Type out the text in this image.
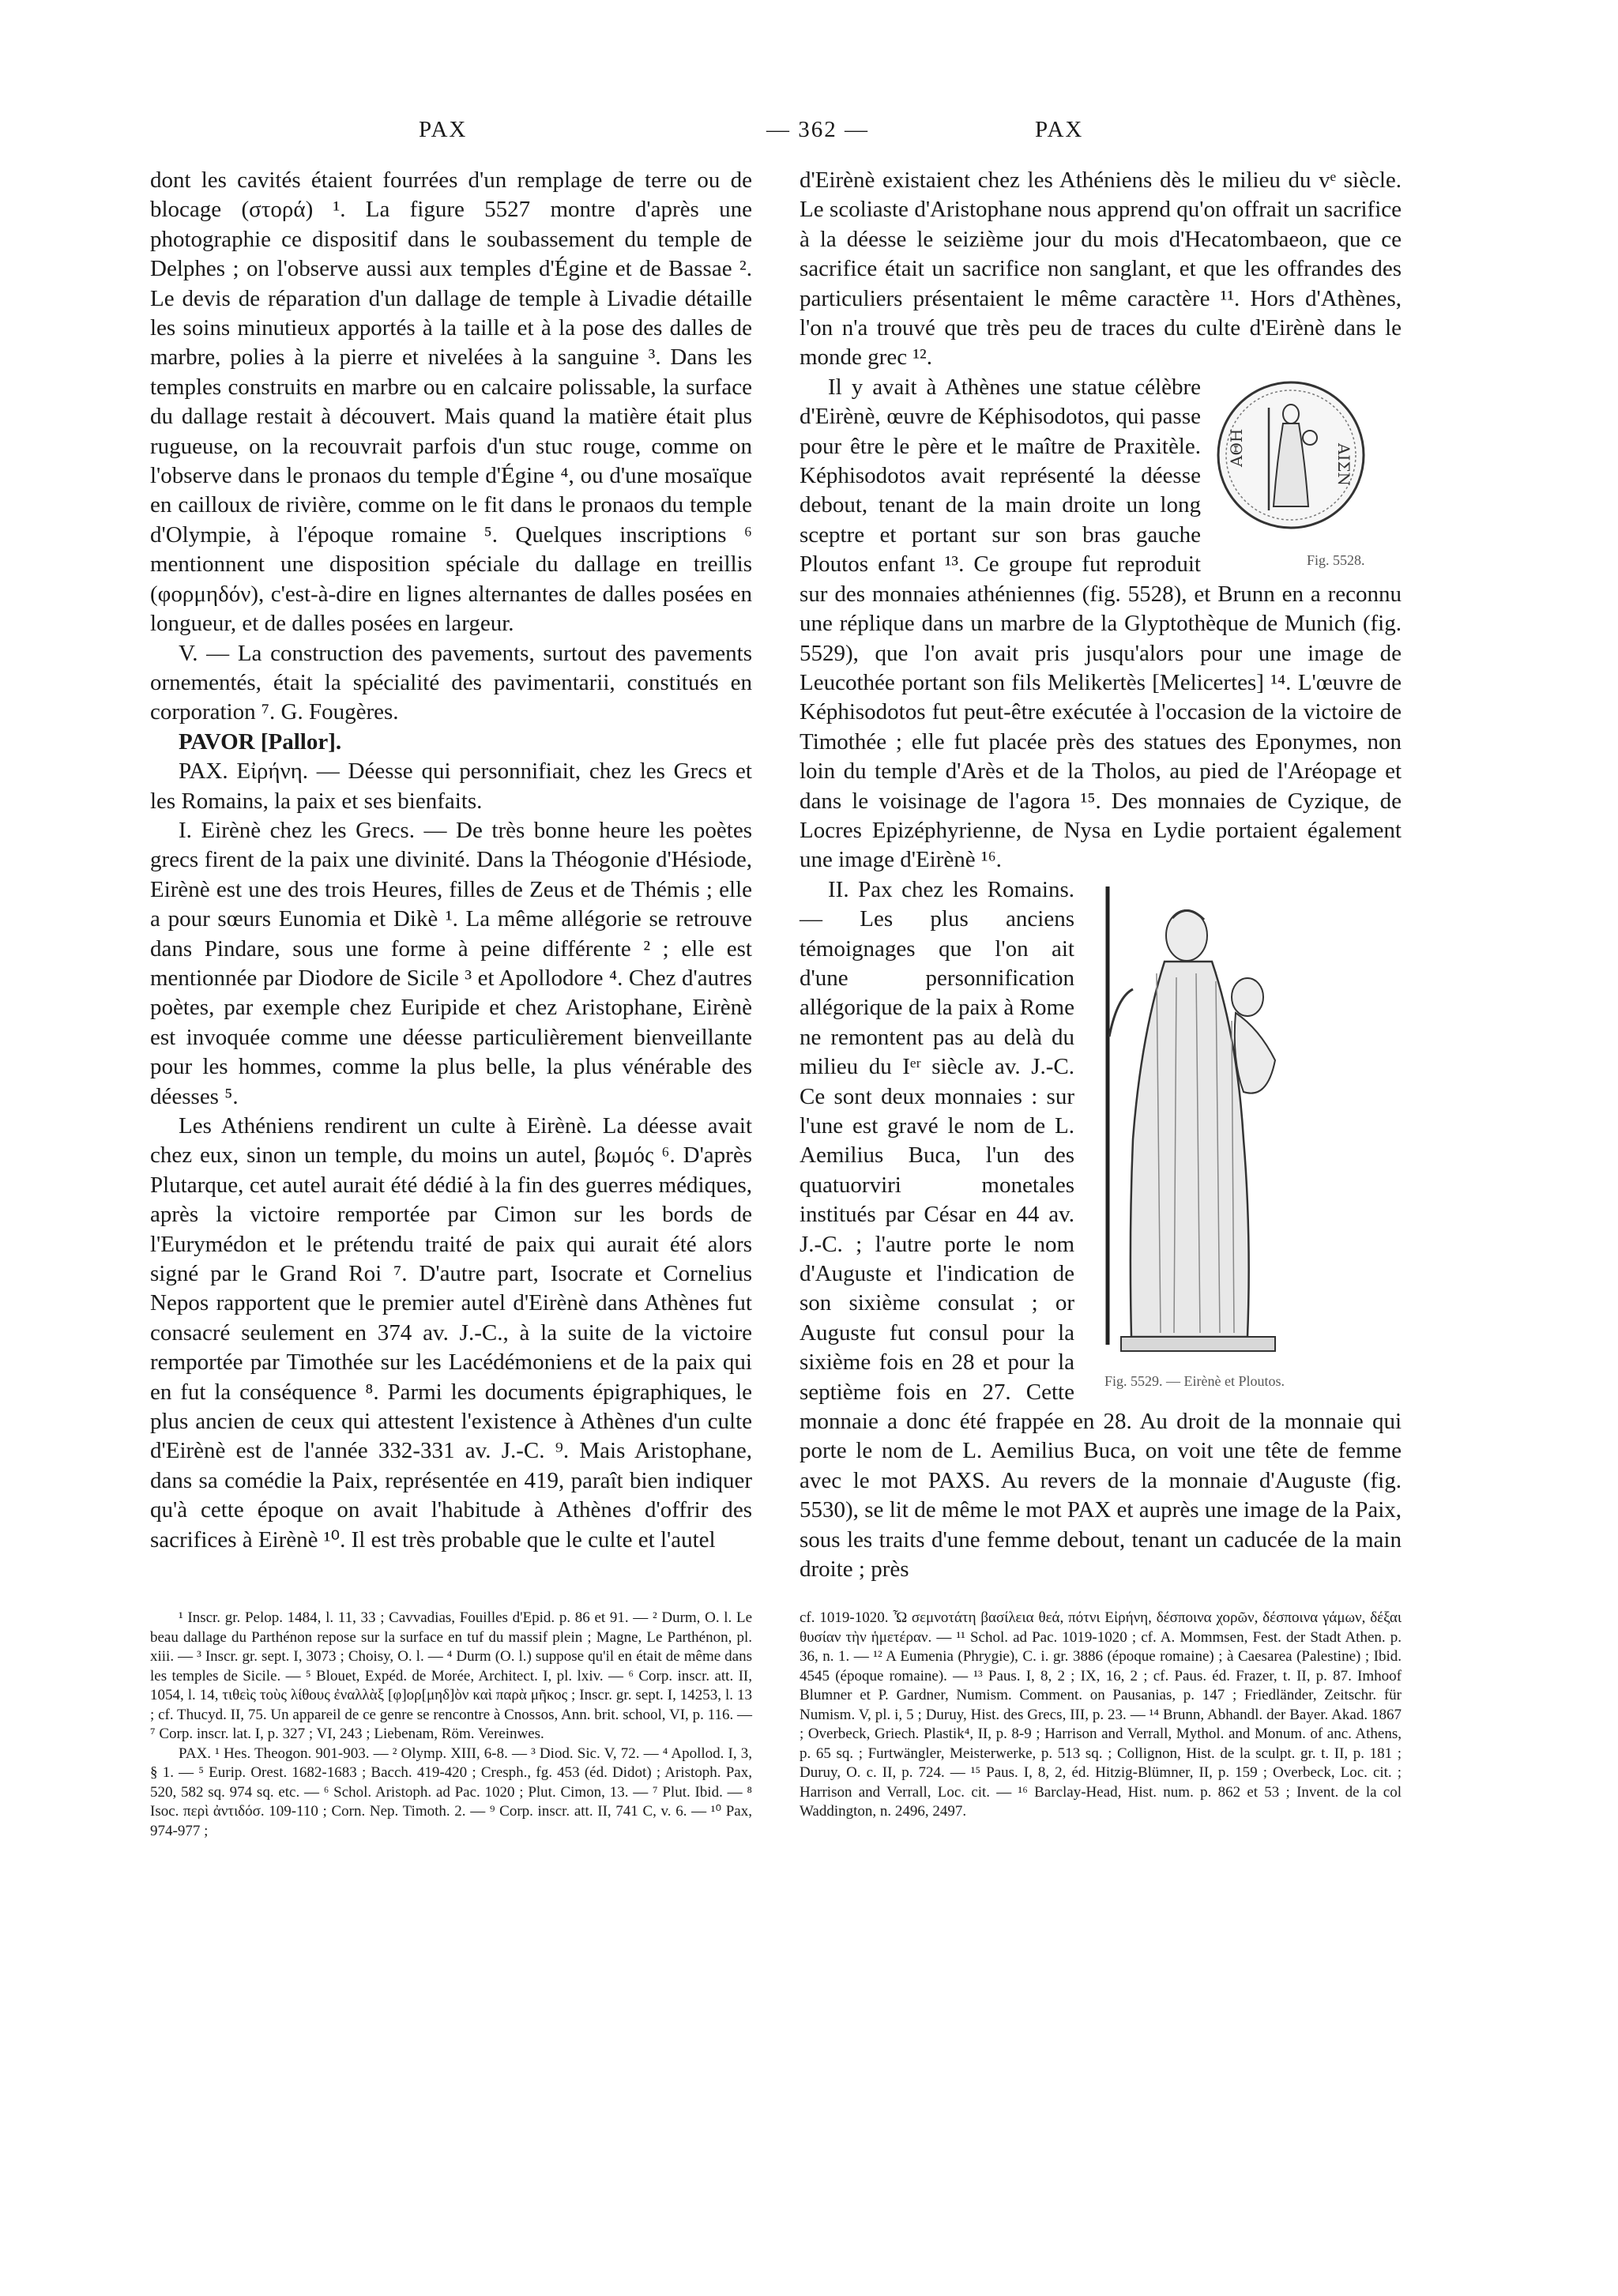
PAX	— 362 —	PAX

dont les cavités étaient fourrées d'un remplage de terre ou de blocage (στορά) ¹. La figure 5527 montre d'après une photographie ce dispositif dans le soubassement du temple de Delphes ; on l'observe aussi aux temples d'Égine et de Bassae ². Le devis de réparation d'un dallage de temple à Livadie détaille les soins minutieux apportés à la taille et à la pose des dalles de marbre, polies à la pierre et nivelées à la sanguine ³. Dans les temples construits en marbre ou en calcaire polissable, la surface du dallage restait à découvert. Mais quand la matière était plus rugueuse, on la recouvrait parfois d'un stuc rouge, comme on l'observe dans le pronaos du temple d'Égine ⁴, ou d'une mosaïque en cailloux de rivière, comme on le fit dans le pronaos du temple d'Olympie, à l'époque romaine ⁵. Quelques inscriptions ⁶ mentionnent une disposition spéciale du dallage en treillis (φορμηδόν), c'est-à-dire en lignes alternantes de dalles posées en longueur, et de dalles posées en largeur.

V. — La construction des pavements, surtout des pavements ornementés, était la spécialité des pavimentarii, constitués en corporation ⁷. G. Fougères.

PAVOR [Pallor].

PAX. Εἰρήνη. — Déesse qui personnifiait, chez les Grecs et les Romains, la paix et ses bienfaits.

I. Eirènè chez les Grecs. — De très bonne heure les poètes grecs firent de la paix une divinité. Dans la Théogonie d'Hésiode, Eirènè est une des trois Heures, filles de Zeus et de Thémis ; elle a pour sœurs Eunomia et Dikè ¹. La même allégorie se retrouve dans Pindare, sous une forme à peine différente ² ; elle est mentionnée par Diodore de Sicile ³ et Apollodore ⁴. Chez d'autres poètes, par exemple chez Euripide et chez Aristophane, Eirènè est invoquée comme une déesse particulièrement bienveillante pour les hommes, comme la plus belle, la plus vénérable des déesses ⁵.

Les Athéniens rendirent un culte à Eirènè. La déesse avait chez eux, sinon un temple, du moins un autel, βωμός ⁶. D'après Plutarque, cet autel aurait été dédié à la fin des guerres médiques, après la victoire remportée par Cimon sur les bords de l'Eurymédon et le prétendu traité de paix qui aurait été alors signé par le Grand Roi ⁷. D'autre part, Isocrate et Cornelius Nepos rapportent que le premier autel d'Eirènè dans Athènes fut consacré seulement en 374 av. J.-C., à la suite de la victoire remportée par Timothée sur les Lacédémoniens et de la paix qui en fut la conséquence ⁸. Parmi les documents épigraphiques, le plus ancien de ceux qui attestent l'existence à Athènes d'un culte d'Eirènè est de l'année 332-331 av. J.-C. ⁹. Mais Aristophane, dans sa comédie la Paix, représentée en 419, paraît bien indiquer qu'à cette époque on avait l'habitude à Athènes d'offrir des sacrifices à Eirènè ¹⁰. Il est très probable que le culte et l'autel

d'Eirènè existaient chez les Athéniens dès le milieu du vᵉ siècle. Le scoliaste d'Aristophane nous apprend qu'on offrait un sacrifice à la déesse le seizième jour du mois d'Hecatombaeon, que ce sacrifice était un sacrifice non sanglant, et que les offrandes des particuliers présentaient le même caractère ¹¹. Hors d'Athènes, l'on n'a trouvé que très peu de traces du culte d'Eirènè dans le monde grec ¹².

ΑΘΗ	ΑΙΣΝ
Fig. 5528.

Il y avait à Athènes une statue célèbre d'Eirènè, œuvre de Képhisodotos, qui passe pour être le père et le maître de Praxitèle. Képhisodotos avait représenté la déesse debout, tenant de la main droite un long sceptre et portant sur son bras gauche Ploutos enfant ¹³. Ce groupe fut reproduit sur des monnaies athéniennes (fig. 5528), et Brunn en a reconnu une réplique dans un marbre de la Glyptothèque de Munich (fig. 5529), que l'on avait pris jusqu'alors pour une image de Leucothée portant son fils Melikertès [Melicertes] ¹⁴. L'œuvre de Képhisodotos fut peut-être exécutée à l'occasion de la victoire de Timothée ; elle fut placée près des statues des Eponymes, non loin du temple d'Arès et de la Tholos, au pied de l'Aréopage et dans le voisinage de l'agora ¹⁵. Des monnaies de Cyzique, de Locres Epizéphyrienne, de Nysa en Lydie portaient également une image d'Eirènè ¹⁶.

Fig. 5529. — Eirènè et Ploutos.

II. Pax chez les Romains. — Les plus anciens témoignages que l'on ait d'une personnification allégorique de la paix à Rome ne remontent pas au delà du milieu du Iᵉʳ siècle av. J.-C. Ce sont deux monnaies : sur l'une est gravé le nom de L. Aemilius Buca, l'un des quatuorviri monetales institués par César en 44 av. J.-C. ; l'autre porte le nom d'Auguste et l'indication de son sixième consulat ; or Auguste fut consul pour la sixième fois en 28 et pour la septième fois en 27. Cette monnaie a donc été frappée en 28. Au droit de la monnaie qui porte le nom de L. Aemilius Buca, on voit une tête de femme avec le mot PAXS. Au revers de la monnaie d'Auguste (fig. 5530), se lit de même le mot PAX et auprès une image de la Paix, sous les traits d'une femme debout, tenant un caducée de la main droite ; près

¹ Inscr. gr. Pelop. 1484, l. 11, 33 ; Cavvadias, Fouilles d'Epid. p. 86 et 91. — ² Durm, O. l. Le beau dallage du Parthénon repose sur la surface en tuf du massif plein ; Magne, Le Parthénon, pl. xiii. — ³ Inscr. gr. sept. I, 3073 ; Choisy, O. l. — ⁴ Durm (O. l.) suppose qu'il en était de même dans les temples de Sicile. — ⁵ Blouet, Expéd. de Morée, Architect. I, pl. lxiv. — ⁶ Corp. inscr. att. II, 1054, l. 14, τιθεὶς τοὺς λίθους ἐναλλὰξ [φ]ορ[μηδ]ὸν καὶ παρὰ μῆκος ; Inscr. gr. sept. I, 14253, l. 13 ; cf. Thucyd. II, 75. Un appareil de ce genre se rencontre à Cnossos, Ann. brit. school, VI, p. 116. — ⁷ Corp. inscr. lat. I, p. 327 ; VI, 243 ; Liebenam, Röm. Vereinwes.

PAX. ¹ Hes. Theogon. 901-903. — ² Olymp. XIII, 6-8. — ³ Diod. Sic. V, 72. — ⁴ Apollod. I, 3, § 1. — ⁵ Eurip. Orest. 1682-1683 ; Bacch. 419-420 ; Cresph., fg. 453 (éd. Didot) ; Aristoph. Pax, 520, 582 sq. 974 sq. etc. — ⁶ Schol. Aristoph. ad Pac. 1020 ; Plut. Cimon, 13. — ⁷ Plut. Ibid. — ⁸ Isoc. περὶ ἀντιδόσ. 109-110 ; Corn. Nep. Timoth. 2. — ⁹ Corp. inscr. att. II, 741 C, v. 6. — ¹⁰ Pax, 974-977 ;

cf. 1019-1020. Ὦ σεμνοτάτη βασίλεια θεά, πότνι Εἰρήνη, δέσποινα χορῶν, δέσποινα γάμων, δέξαι θυσίαν τὴν ἡμετέραν. — ¹¹ Schol. ad Pac. 1019-1020 ; cf. A. Mommsen, Fest. der Stadt Athen. p. 36, n. 1. — ¹² A Eumenia (Phrygie), C. i. gr. 3886 (époque romaine) ; à Caesarea (Palestine) ; Ibid. 4545 (époque romaine). — ¹³ Paus. I, 8, 2 ; IX, 16, 2 ; cf. Paus. éd. Frazer, t. II, p. 87. Imhoof Blumner et P. Gardner, Numism. Comment. on Pausanias, p. 147 ; Friedländer, Zeitschr. für Numism. V, pl. i, 5 ; Duruy, Hist. des Grecs, III, p. 23. — ¹⁴ Brunn, Abhandl. der Bayer. Akad. 1867 ; Overbeck, Griech. Plastik⁴, II, p. 8-9 ; Harrison and Verrall, Mythol. and Monum. of anc. Athens, p. 65 sq. ; Furtwängler, Meisterwerke, p. 513 sq. ; Collignon, Hist. de la sculpt. gr. t. II, p. 181 ; Duruy, O. c. II, p. 724. — ¹⁵ Paus. I, 8, 2, éd. Hitzig-Blümner, II, p. 159 ; Overbeck, Loc. cit. ; Harrison and Verrall, Loc. cit. — ¹⁶ Barclay-Head, Hist. num. p. 862 et 53 ; Invent. de la col Waddington, n. 2496, 2497.
